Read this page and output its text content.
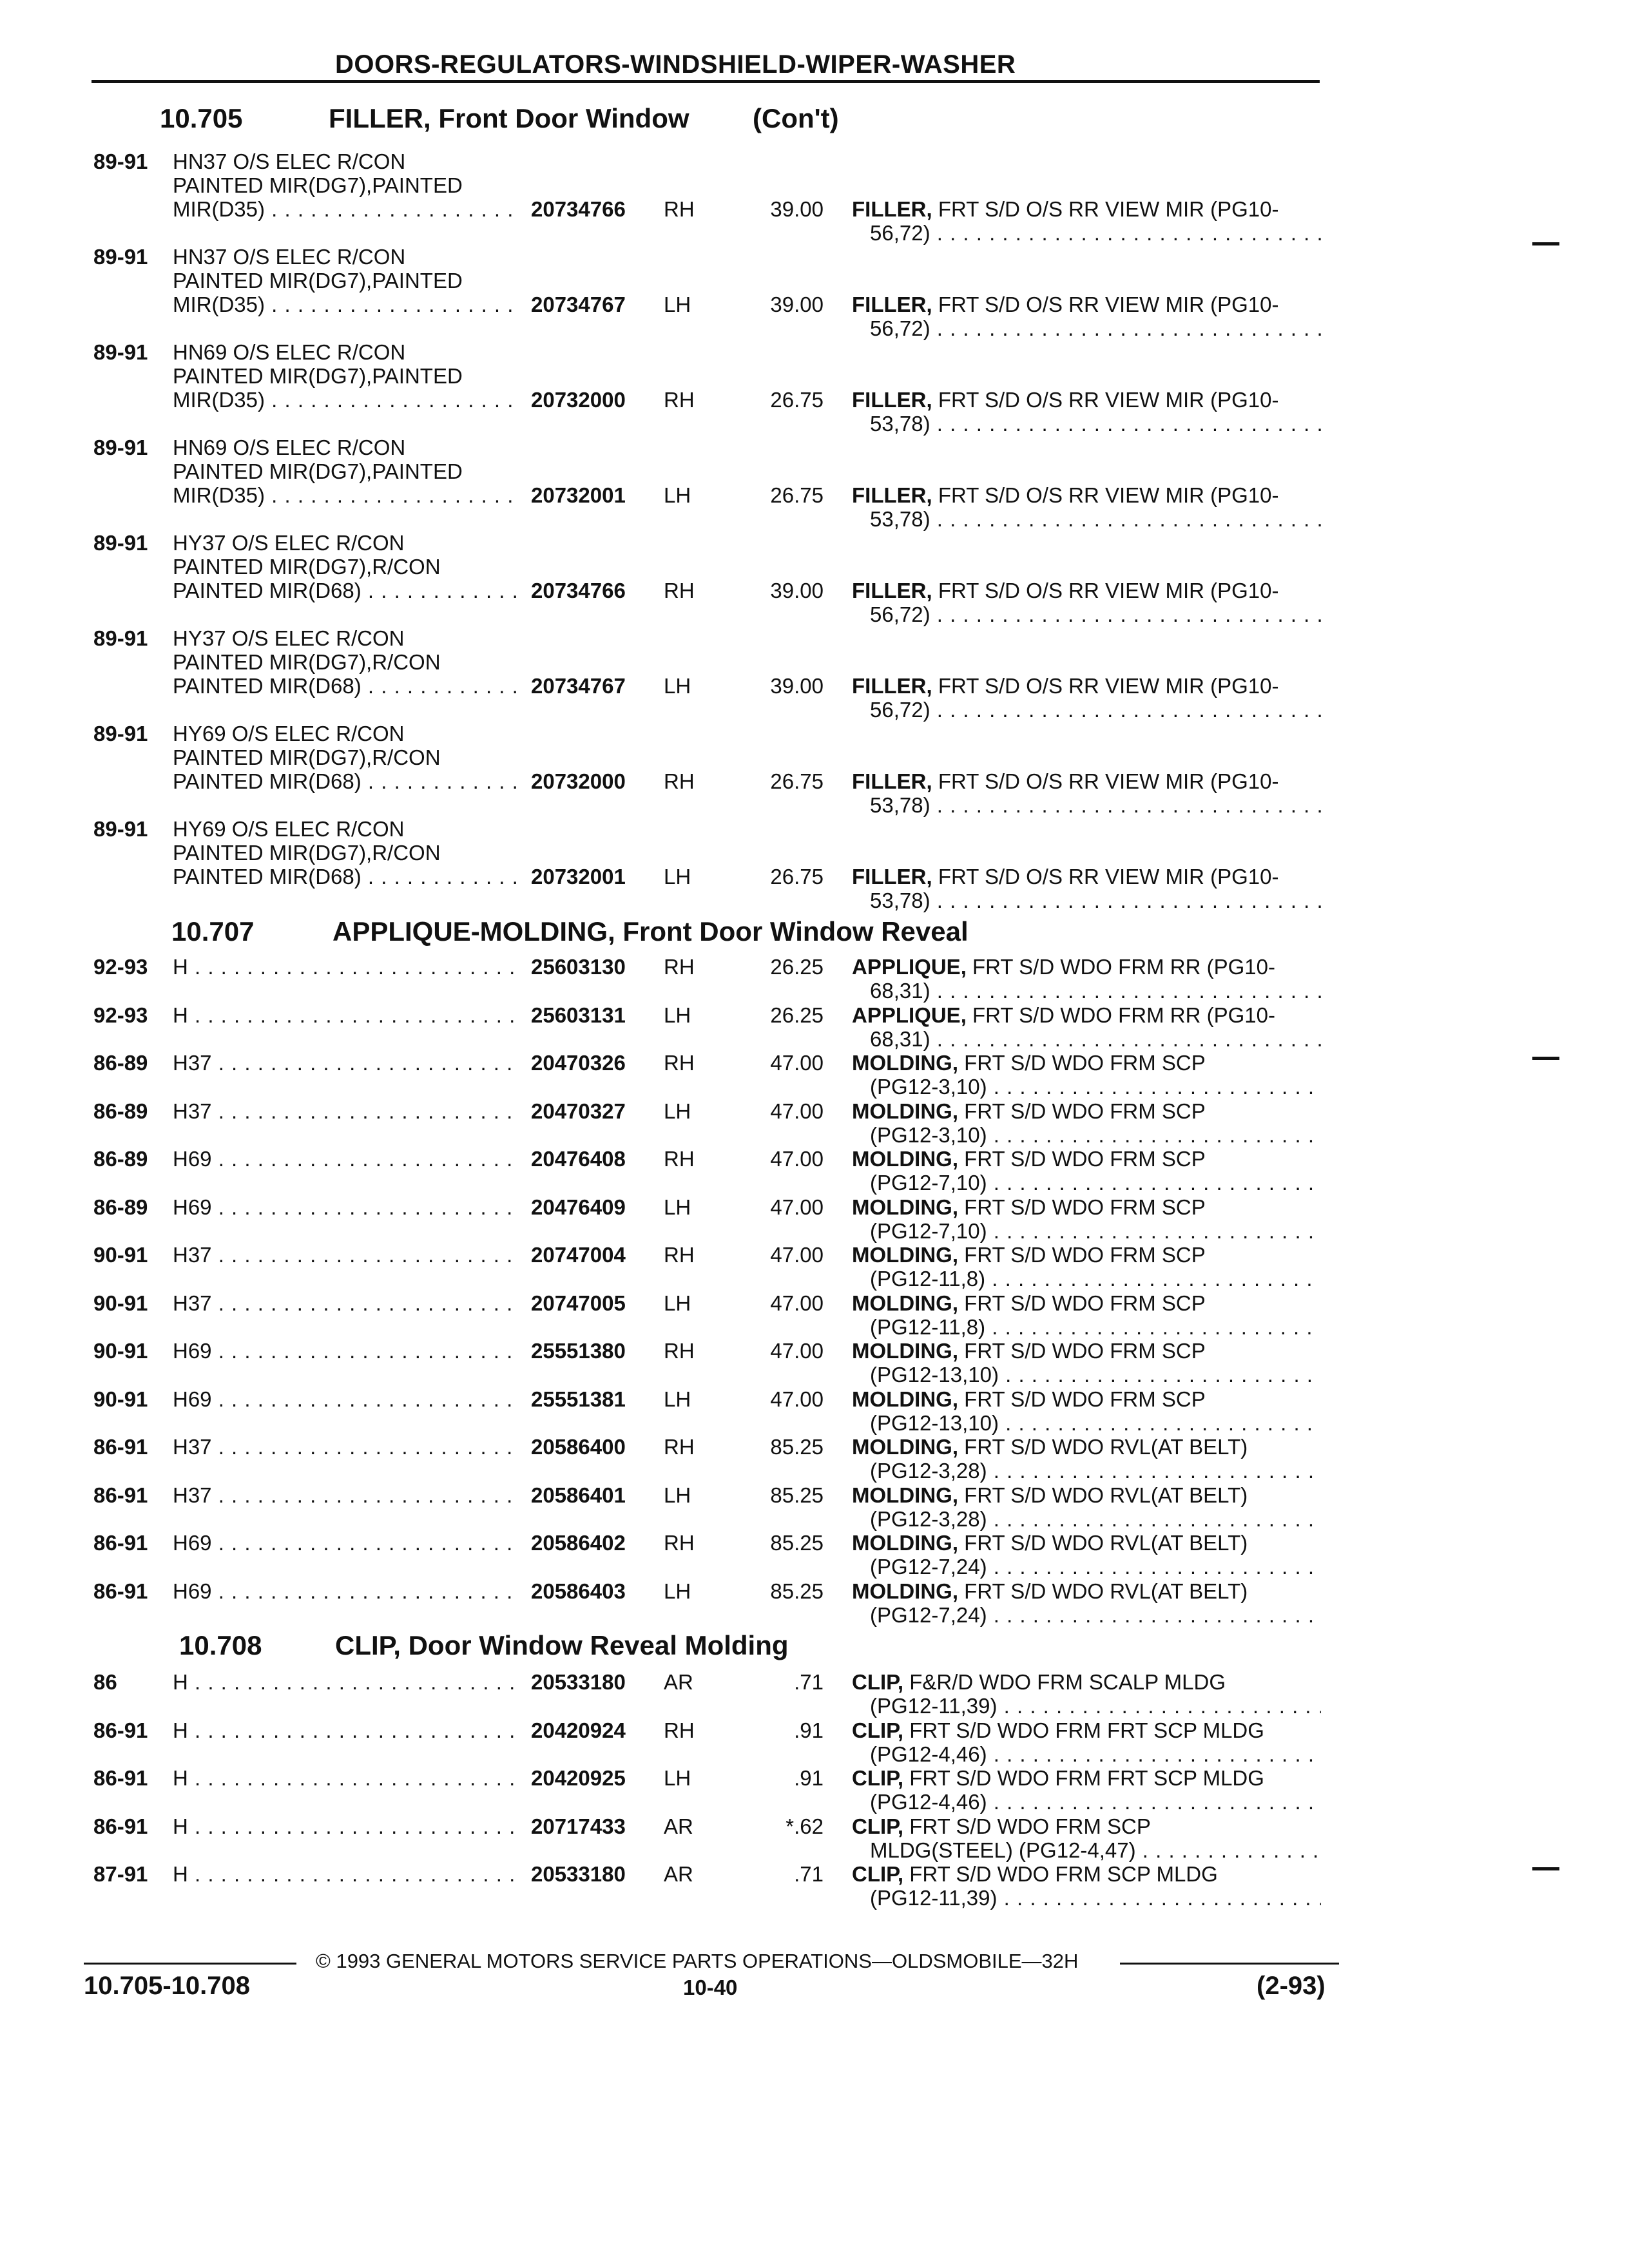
DOORS-REGULATORS-WINDSHIELD-WIPER-WASHER
10.705	FILLER, Front Door Window (Con't)
89-91 HN37 O/S ELEC R/CON
PAINTED MIR(DG7),PAINTED
MIR(D35) . . .	20734766 RH	39.00 FILLER, FRT S/D O/S RR VIEW MIR (PG10-
56,72) . . .
89-91 HN37 O/S ELEC R/CON
PAINTED MIR(DG7),PAINTED
MIR(D35) . . .	20734767 LH	39.00 FILLER, FRT S/D O/S RR VIEW MIR (PG10-
56,72) . . .
89-91 HN69 O/S ELEC R/CON
PAINTED MIR(DG7),PAINTED
MIR(D35) . . .	20732000 RH	26.75 FILLER, FRT S/D O/S RR VIEW MIR (PG10-
53,78) . . .
89-91 HN69 O/S ELEC R/CON
PAINTED MIR(DG7),PAINTED
MIR(D35) . . .	20732001 LH	26.75 FILLER, FRT S/D O/S RR VIEW MIR (PG10-
53,78) . . .
89-91 HY37 O/S ELEC R/CON
PAINTED MIR(DG7),R/CON
PAINTED MIR(D68) . . .	20734766 RH	39.00 FILLER, FRT S/D O/S RR VIEW MIR (PG10-
56,72) . . .
89-91 HY37 O/S ELEC R/CON
PAINTED MIR(DG7),R/CON
PAINTED MIR(D68) . . .	20734767 LH	39.00 FILLER, FRT S/D O/S RR VIEW MIR (PG10-
56,72) . . .
89-91 HY69 O/S ELEC R/CON
PAINTED MIR(DG7),R/CON
PAINTED MIR(D68) . . .	20732000 RH	26.75 FILLER, FRT S/D O/S RR VIEW MIR (PG10-
53,78) . . .
89-91 HY69 O/S ELEC R/CON
PAINTED MIR(DG7),R/CON
PAINTED MIR(D68) . . .	20732001 LH	26.75 FILLER, FRT S/D O/S RR VIEW MIR (PG10-
53,78) . . .
10.707	APPLIQUE-MOLDING, Front Door Window Reveal
92-93 H . . .	25603130 RH	26.25 APPLIQUE, FRT S/D WDO FRM RR (PG10-
68,31) . . .
92-93 H . . .	25603131 LH	26.25 APPLIQUE, FRT S/D WDO FRM RR (PG10-
68,31) . . .
86-89 H37 . . .	20470326 RH	47.00 MOLDING, FRT S/D WDO FRM SCP
(PG12-3,10) . . .
86-89 H37 . . .	20470327 LH	47.00 MOLDING, FRT S/D WDO FRM SCP
(PG12-3,10) . . .
86-89 H69 . . .	20476408 RH	47.00 MOLDING, FRT S/D WDO FRM SCP
(PG12-7,10) . . .
86-89 H69 . . .	20476409 LH	47.00 MOLDING, FRT S/D WDO FRM SCP
(PG12-7,10) . . .
90-91 H37 . . .	20747004 RH	47.00 MOLDING, FRT S/D WDO FRM SCP
(PG12-11,8) . . .
90-91 H37 . . .	20747005 LH	47.00 MOLDING, FRT S/D WDO FRM SCP
(PG12-11,8) . . .
90-91 H69 . . .	25551380 RH	47.00 MOLDING, FRT S/D WDO FRM SCP
(PG12-13,10) . . .
90-91 H69 . . .	25551381 LH	47.00 MOLDING, FRT S/D WDO FRM SCP
(PG12-13,10) . . .
86-91 H37 . . .	20586400 RH	85.25 MOLDING, FRT S/D WDO RVL(AT BELT)
(PG12-3,28) . . .
86-91 H37 . . .	20586401 LH	85.25 MOLDING, FRT S/D WDO RVL(AT BELT)
(PG12-3,28) . . .
86-91 H69 . . .	20586402 RH	85.25 MOLDING, FRT S/D WDO RVL(AT BELT)
(PG12-7,24) . . .
86-91 H69 . . .	20586403 LH	85.25 MOLDING, FRT S/D WDO RVL(AT BELT)
(PG12-7,24) . . .
10.708	CLIP, Door Window Reveal Molding
86	H . . .	20533180 AR	.71 CLIP, F&R/D WDO FRM SCALP MLDG
(PG12-11,39) . . .
86-91 H . . .	20420924 RH	.91 CLIP, FRT S/D WDO FRM FRT SCP MLDG
(PG12-4,46) . . .
86-91 H . . .	20420925 LH	.91 CLIP, FRT S/D WDO FRM FRT SCP MLDG
(PG12-4,46) . . .
86-91 H . . .	20717433 AR	*.62 CLIP, FRT S/D WDO FRM SCP
MLDG(STEEL) (PG12-4,47) . . .
87-91 H . . .	20533180 AR	.71 CLIP, FRT S/D WDO FRM SCP MLDG
(PG12-11,39) . . .
© 1993 GENERAL MOTORS SERVICE PARTS OPERATIONS—OLDSMOBILE—32H
10.705-10.708	10-40	(2-93)
